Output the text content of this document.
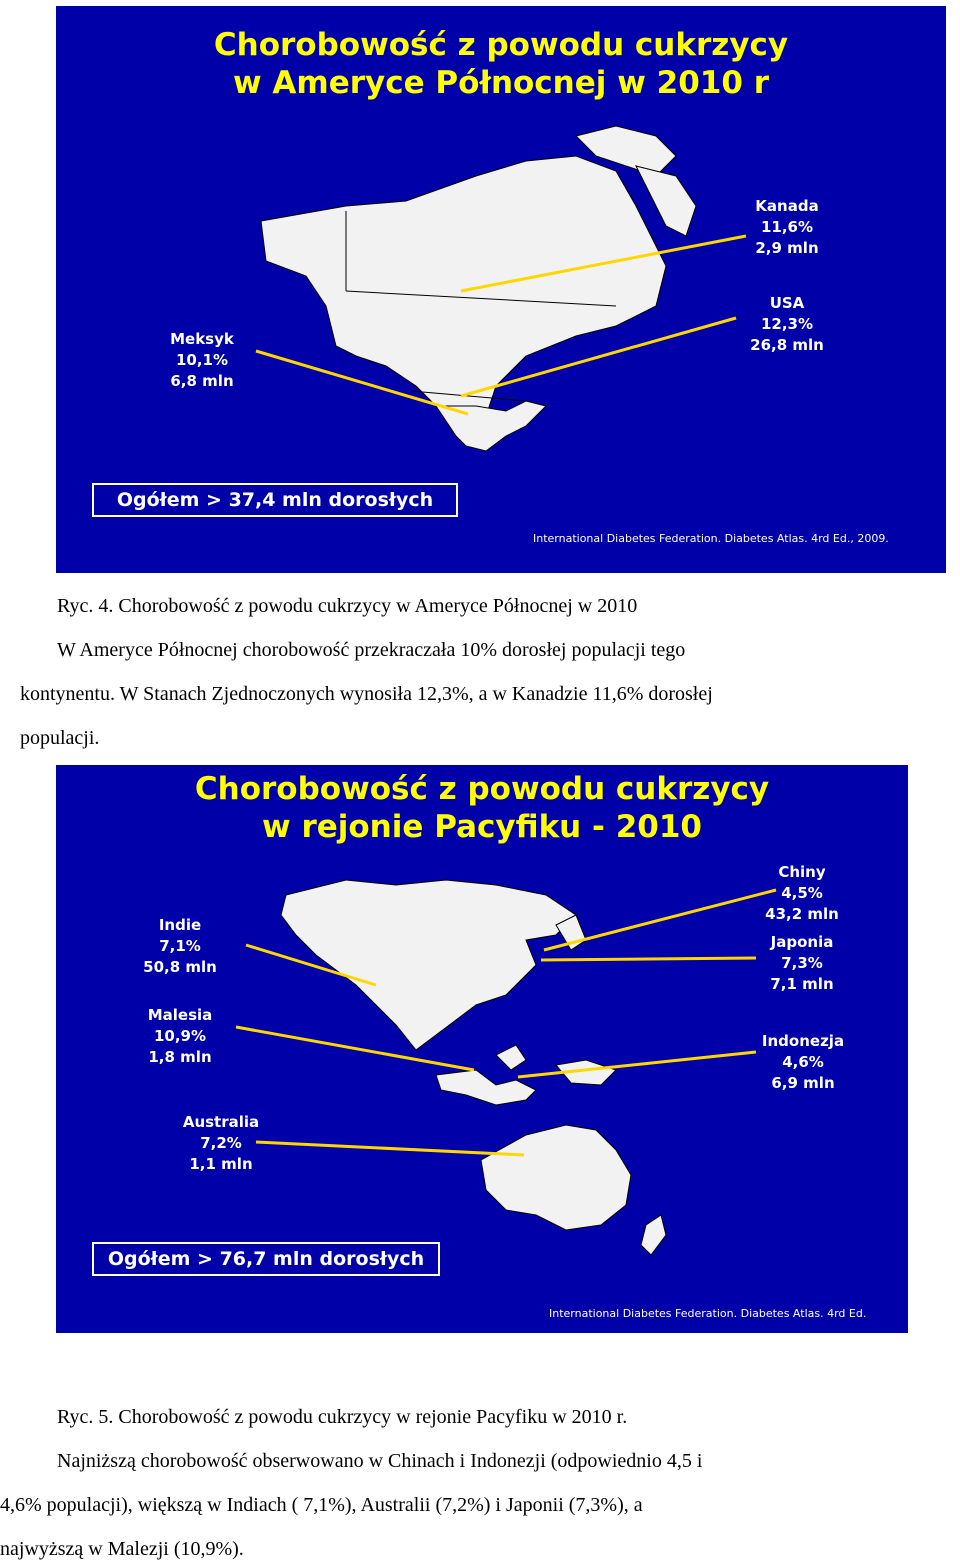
Chorobowość z powodu cukrzycy
w Ameryce Północnej w 2010 r
Kanada
11,6%
2,9 mln
USA
12,3%
26,8 mln
Meksyk
10,1%
6,8 mln
Ogółem > 37,4 mln dorosłych
International Diabetes Federation. Diabetes Atlas. 4rd Ed., 2009.
Ryc. 4. Chorobowość z powodu cukrzycy w Ameryce Północnej w 2010
W Ameryce Północnej chorobowość przekraczała 10% dorosłej populacji tego
kontynentu. W Stanach Zjednoczonych wynosiła 12,3%, a w Kanadzie 11,6% dorosłej
populacji.
Chorobowość z powodu cukrzycy
w rejonie Pacyfiku - 2010
Chiny
4,5%
43,2 mln
Japonia
7,3%
7,1 mln
Indonezja
4,6%
6,9 mln
Indie
7,1%
50,8 mln
Malesia
10,9%
1,8 mln
Australia
7,2%
1,1 mln
Ogółem > 76,7 mln dorosłych
International Diabetes Federation. Diabetes Atlas. 4rd Ed.
Ryc. 5. Chorobowość z powodu cukrzycy w rejonie Pacyfiku w 2010 r.
Najniższą chorobowość obserwowano w Chinach i Indonezji (odpowiednio 4,5 i
4,6% populacji), większą w Indiach ( 7,1%), Australii (7,2%) i Japonii (7,3%), a
najwyższą w Malezji (10,9%).
